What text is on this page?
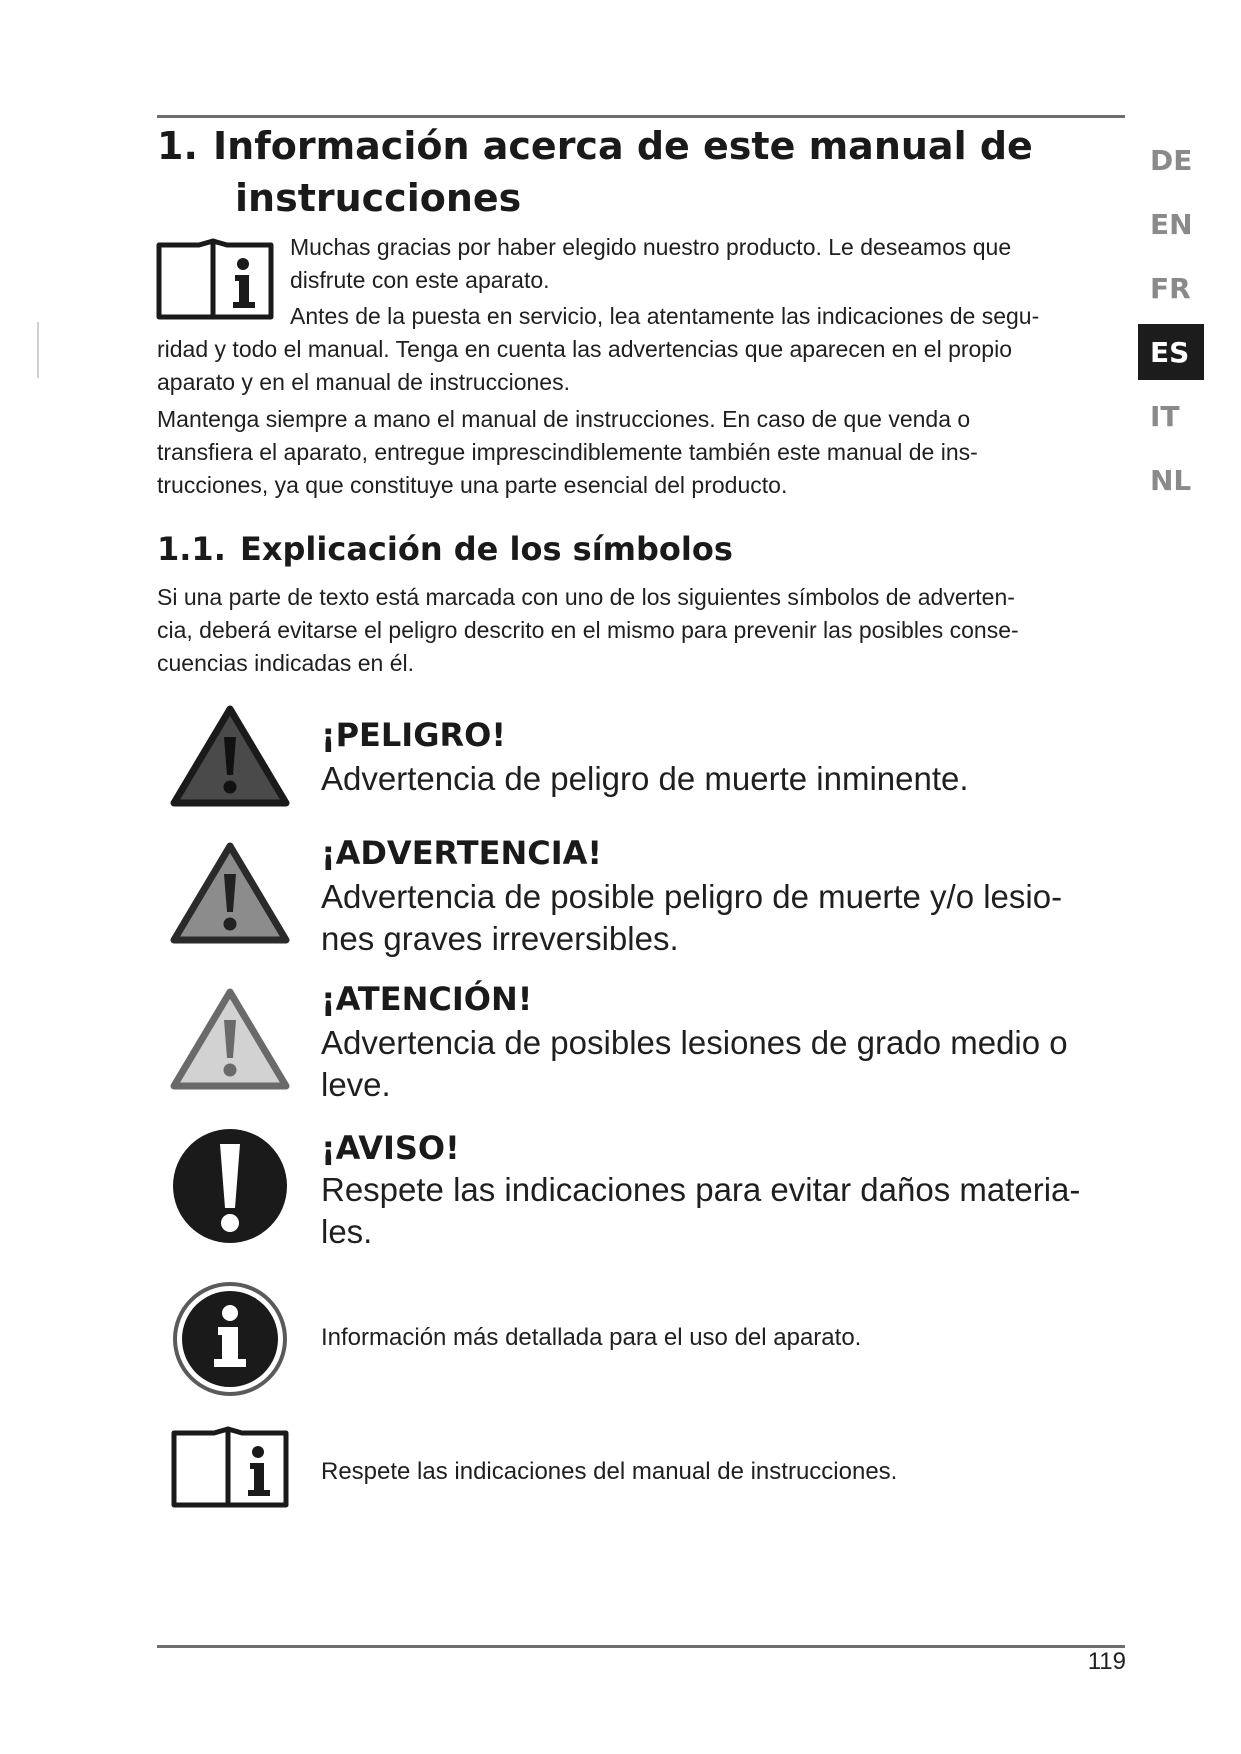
1. Información acerca de este manual de
instrucciones
Muchas gracias por haber elegido nuestro producto. Le deseamos que
disfrute con este aparato.
Antes de la puesta en servicio, lea atentamente las indicaciones de segu-
ridad y todo el manual. Tenga en cuenta las advertencias que aparecen en el propio
aparato y en el manual de instrucciones.
Mantenga siempre a mano el manual de instrucciones. En caso de que venda o
transfiera el aparato, entregue imprescindiblemente también este manual de ins-
trucciones, ya que constituye una parte esencial del producto.
1.1. Explicación de los símbolos
Si una parte de texto está marcada con uno de los siguientes símbolos de adverten-
cia, deberá evitarse el peligro descrito en el mismo para prevenir las posibles conse-
cuencias indicadas en él.
¡PELIGRO!
Advertencia de peligro de muerte inminente.
¡ADVERTENCIA!
Advertencia de posible peligro de muerte y/o lesio-
nes graves irreversibles.
¡ATENCIÓN!
Advertencia de posibles lesiones de grado medio o
leve.
¡AVISO!
Respete las indicaciones para evitar daños materia-
les.
Información más detallada para el uso del aparato.
Respete las indicaciones del manual de instrucciones.
DE
EN
FR
ES
IT
NL
119
